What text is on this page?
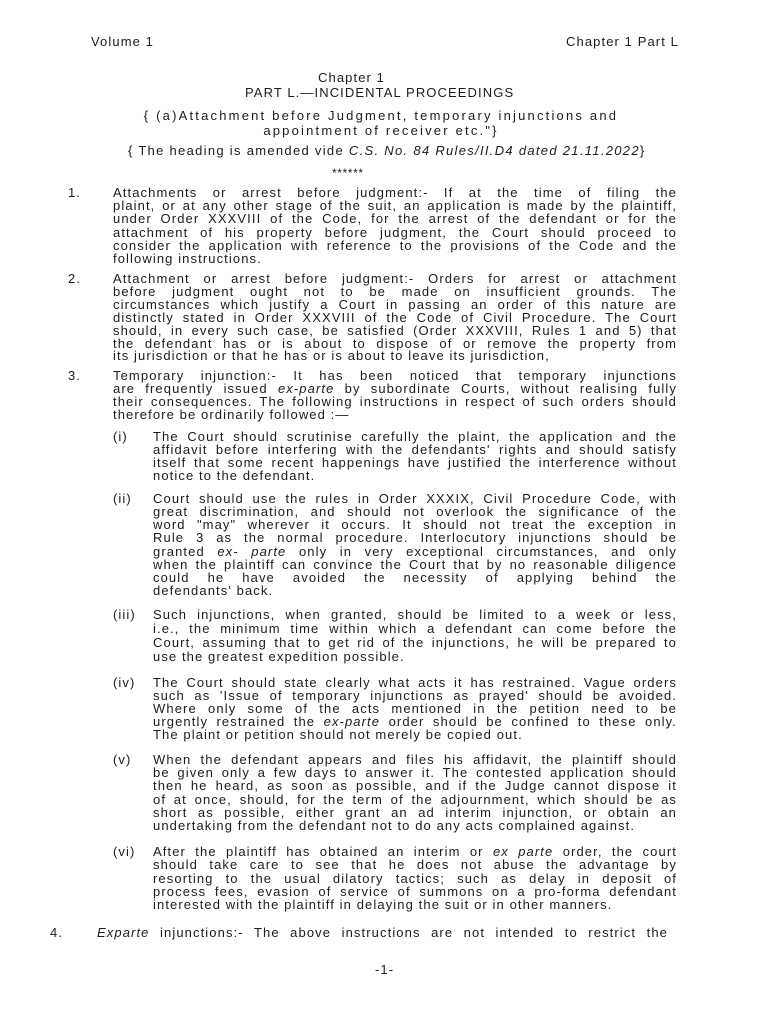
Volume 1	Chapter 1 Part L
Chapter 1
PART L.—INCIDENTAL PROCEEDINGS
{ (a)Attachment before Judgment, temporary injunctions and
appointment of receiver etc."}
{ The heading is amended vide C.S. No. 84 Rules/II.D4 dated 21.11.2022}
******
1. Attachments or arrest before judgment:- If at the time of filing the
plaint, or at any other stage of the suit, an application is made by the plaintiff,
under Order XXXVIII of the Code, for the arrest of the defendant or for the
attachment of his property before judgment, the Court should proceed to
consider the application with reference to the provisions of the Code and the
following instructions.
2. Attachment or arrest before judgment:- Orders for arrest or attachment
before judgment ought not to be made on insufficient grounds. The
circumstances which justify a Court in passing an order of this nature are
distinctly stated in Order XXXVIII of the Code of Civil Procedure. The Court
should, in every such case, be satisfied (Order XXXVIII, Rules 1 and 5) that
the defendant has or is about to dispose of or remove the property from
its jurisdiction or that he has or is about to leave its jurisdiction,
3. Temporary injunction:- It has been noticed that temporary injunctions
are frequently issued ex-parte by subordinate Courts, without realising fully
their consequences. The following instructions in respect of such orders should
therefore be ordinarily followed :—
(i) The Court should scrutinise carefully the plaint, the application and the
affidavit before interfering with the defendants' rights and should satisfy
itself that some recent happenings have justified the interference without
notice to the defendant.
(ii) Court should use the rules in Order XXXIX, Civil Procedure Code, with
great discrimination, and should not overlook the significance of the
word "may" wherever it occurs. It should not treat the exception in
Rule 3 as the normal procedure. Interlocutory injunctions should be
granted ex- parte only in very exceptional circumstances, and only
when the plaintiff can convince the Court that by no reasonable diligence
could he have avoided the necessity of applying behind the
defendants' back.
(iii) Such injunctions, when granted, should be limited to a week or less,
i.e., the minimum time within which a defendant can come before the
Court, assuming that to get rid of the injunctions, he will be prepared to
use the greatest expedition possible.
(iv) The Court should state clearly what acts it has restrained. Vague orders
such as 'Issue of temporary injunctions as prayed' should be avoided.
Where only some of the acts mentioned in the petition need to be
urgently restrained the ex-parte order should be confined to these only.
The plaint or petition should not merely be copied out.
(v) When the defendant appears and files his affidavit, the plaintiff should
be given only a few days to answer it. The contested application should
then he heard, as soon as possible, and if the Judge cannot dispose it
of at once, should, for the term of the adjournment, which should be as
short as possible, either grant an ad interim injunction, or obtain an
undertaking from the defendant not to do any acts complained against.
(vi) After the plaintiff has obtained an interim or ex parte order, the court
should take care to see that he does not abuse the advantage by
resorting to the usual dilatory tactics; such as delay in deposit of
process fees, evasion of service of summons on a pro-forma defendant
interested with the plaintiff in delaying the suit or in other manners.
4.	Exparte injunctions:- The above instructions are not intended to restrict the
-1-
